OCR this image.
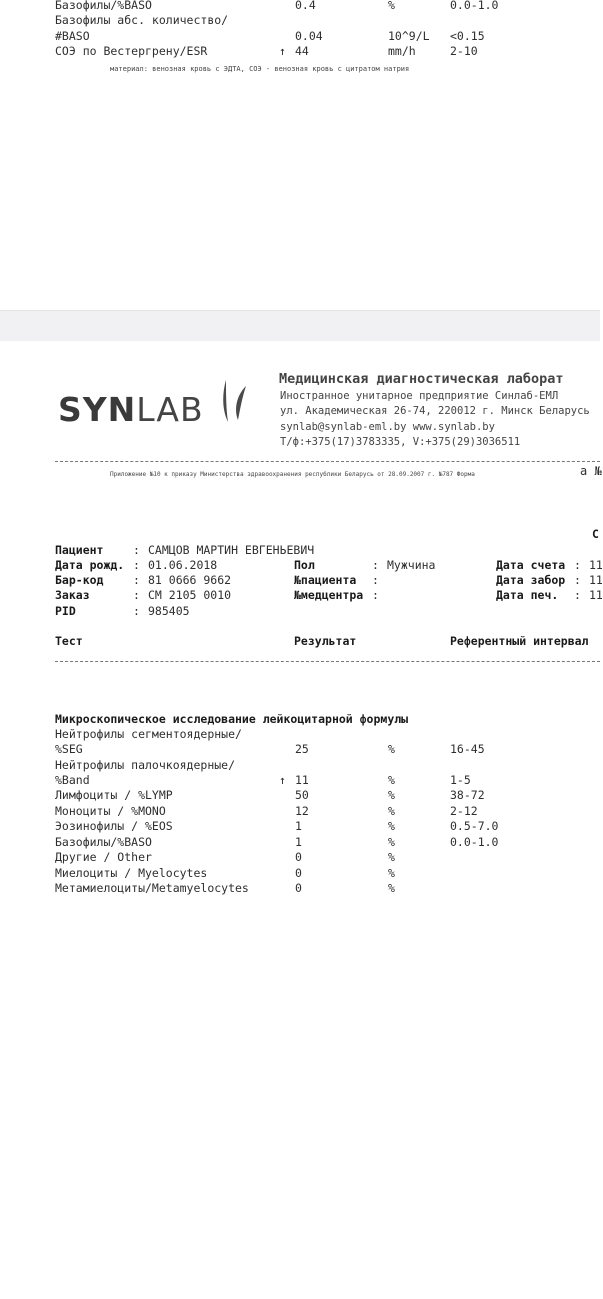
Базофилы/%BASO	0.4	%	0.0-1.0
Базофилы абс. количество/
#BASO	0.04	10^9/L <0.15
СОЭ по Вестергрену/ESR	↑ 44	mm/h	2-10
материал: венозная кровь с ЭДТА, СОЭ - венозная кровь с цитратом натрия
SYNLAB
Медицинская диагностическая лаборат
Иностранное унитарное предприятие Синлаб-ЕМЛ
ул. Академическая 26-74, 220012 г. Минск Беларусь
synlab@synlab-eml.by www.synlab.by
Т/ф:+375(17)3783335, V:+375(29)3036511
Приложение №10 к приказу Министерства здравоохранения республики Беларусь от 28.09.2007 г. №787 Форма	а №
С
Пациент	: САМЦОВ МАРТИН ЕВГЕНЬЕВИЧ
Дата рожд. : 01.06.2018
Бар-код	: 81 0666 9662
Заказ	: СМ 2105 0010
PID	: 985405
Пол	: Мужчина
№пациента :
№медцентра :
Дата счета : 11
Дата забор : 11
Дата печ. : 11
Тест	Результат	Референтный интервал
Микроскопическое исследование лейкоцитарной формулы
Нейтрофилы сегментоядерные/
%SEG	25	%	16-45
Нейтрофилы палочкоядерные/
%Band	↑ 11	%	1-5
Лимфоциты / %LYMP	50	%	38-72
Моноциты / %MONO	12	%	2-12
Эозинофилы / %EOS	1	%	0.5-7.0
Базофилы/%BASO	1	%	0.0-1.0
Другие / Other	0	%
Миелоциты / Myelocytes	0	%
Метамиелоциты/Metamyelocytes	0	%
